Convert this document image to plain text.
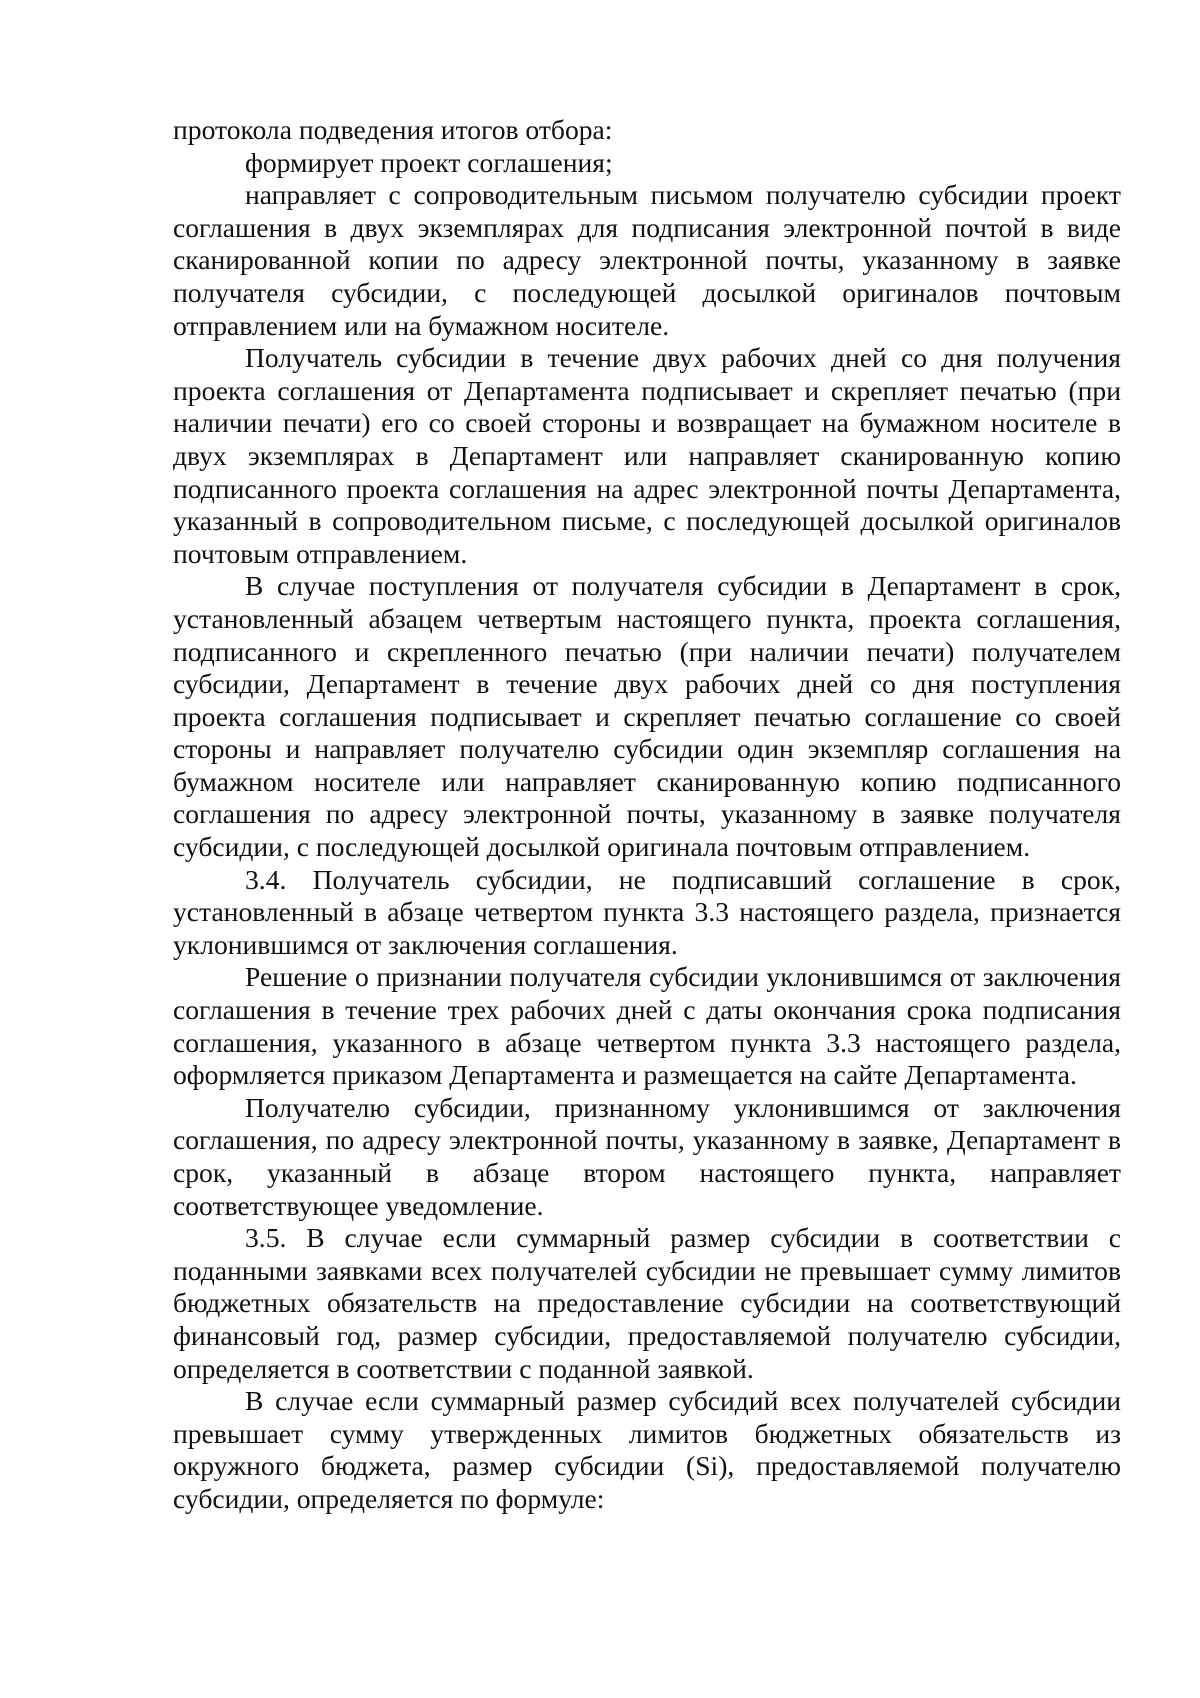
протокола подведения итогов отбора:

формирует проект соглашения;

направляет с сопроводительным письмом получателю субсидии проект соглашения в двух экземплярах для подписания электронной почтой в виде сканированной копии по адресу электронной почты, указанному в заявке получателя субсидии, с последующей досылкой оригиналов почтовым отправлением или на бумажном носителе.

Получатель субсидии в течение двух рабочих дней со дня получения проекта соглашения от Департамента подписывает и скрепляет печатью (при наличии печати) его со своей стороны и возвращает на бумажном носителе в двух экземплярах в Департамент или направляет сканированную копию подписанного проекта соглашения на адрес электронной почты Департамента, указанный в сопроводительном письме, с последующей досылкой оригиналов почтовым отправлением.

В случае поступления от получателя субсидии в Департамент в срок, установленный абзацем четвертым настоящего пункта, проекта соглашения, подписанного и скрепленного печатью (при наличии печати) получателем субсидии, Департамент в течение двух рабочих дней со дня поступления проекта соглашения подписывает и скрепляет печатью соглашение со своей стороны и направляет получателю субсидии один экземпляр соглашения на бумажном носителе или направляет сканированную копию подписанного соглашения по адресу электронной почты, указанному в заявке получателя субсидии, с последующей досылкой оригинала почтовым отправлением.

3.4. Получатель субсидии, не подписавший соглашение в срок, установленный в абзаце четвертом пункта 3.3 настоящего раздела, признается уклонившимся от заключения соглашения.

Решение о признании получателя субсидии уклонившимся от заключения соглашения в течение трех рабочих дней с даты окончания срока подписания соглашения, указанного в абзаце четвертом пункта 3.3 настоящего раздела, оформляется приказом Департамента и размещается на сайте Департамента.

Получателю субсидии, признанному уклонившимся от заключения соглашения, по адресу электронной почты, указанному в заявке, Департамент в срок, указанный в абзаце втором настоящего пункта, направляет соответствующее уведомление.

3.5. В случае если суммарный размер субсидии в соответствии с поданными заявками всех получателей субсидии не превышает сумму лимитов бюджетных обязательств на предоставление субсидии на соответствующий финансовый год, размер субсидии, предоставляемой получателю субсидии, определяется в соответствии с поданной заявкой.

В случае если суммарный размер субсидий всех получателей субсидии превышает сумму утвержденных лимитов бюджетных обязательств из окружного бюджета, размер субсидии (Si), предоставляемой получателю субсидии, определяется по формуле:
